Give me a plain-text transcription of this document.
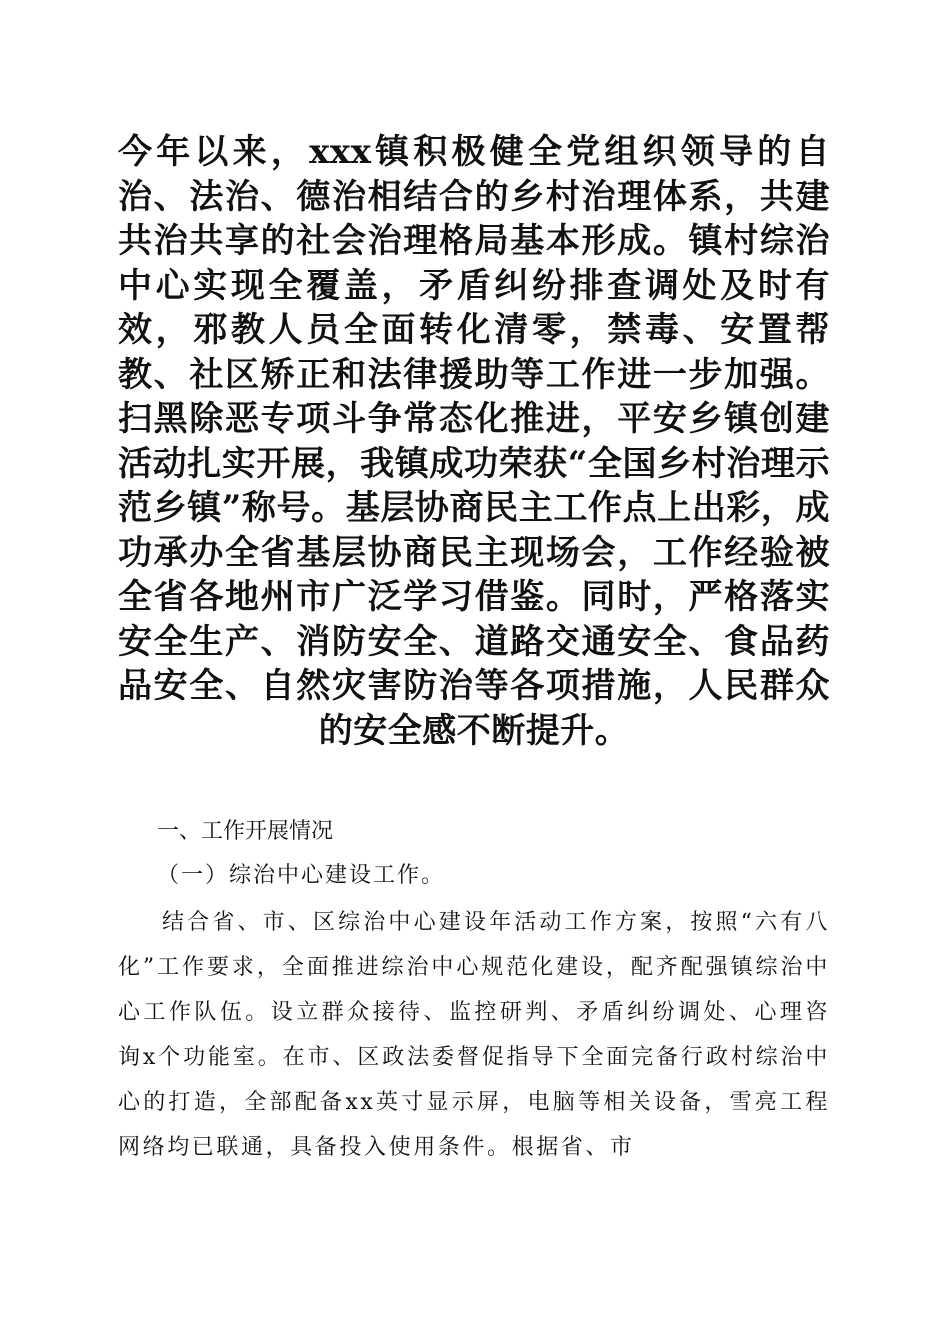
今年以来，xxx镇积极健全党组织领导的自治、法治、德治相结合的乡村治理体系，共建共治共享的社会治理格局基本形成。镇村综治中心实现全覆盖，矛盾纠纷排查调处及时有效，邪教人员全面转化清零，禁毒、安置帮教、社区矫正和法律援助等工作进一步加强。扫黑除恶专项斗争常态化推进，平安乡镇创建活动扎实开展，我镇成功荣获“全国乡村治理示范乡镇”称号。基层协商民主工作点上出彩，成功承办全省基层协商民主现场会，工作经验被全省各地州市广泛学习借鉴。同时，严格落实安全生产、消防安全、道路交通安全、食品药品安全、自然灾害防治等各项措施，人民群众的安全感不断提升。

一、工作开展情况
（一）综治中心建设工作。

结合省、市、区综治中心建设年活动工作方案，按照“六有八化”工作要求，全面推进综治中心规范化建设，配齐配强镇综治中心工作队伍。设立群众接待、监控研判、矛盾纠纷调处、心理咨询x个功能室。在市、区政法委督促指导下全面完备行政村综治中心的打造，全部配备xx英寸显示屏，电脑等相关设备，雪亮工程网络均已联通，具备投入使用条件。根据省、市
